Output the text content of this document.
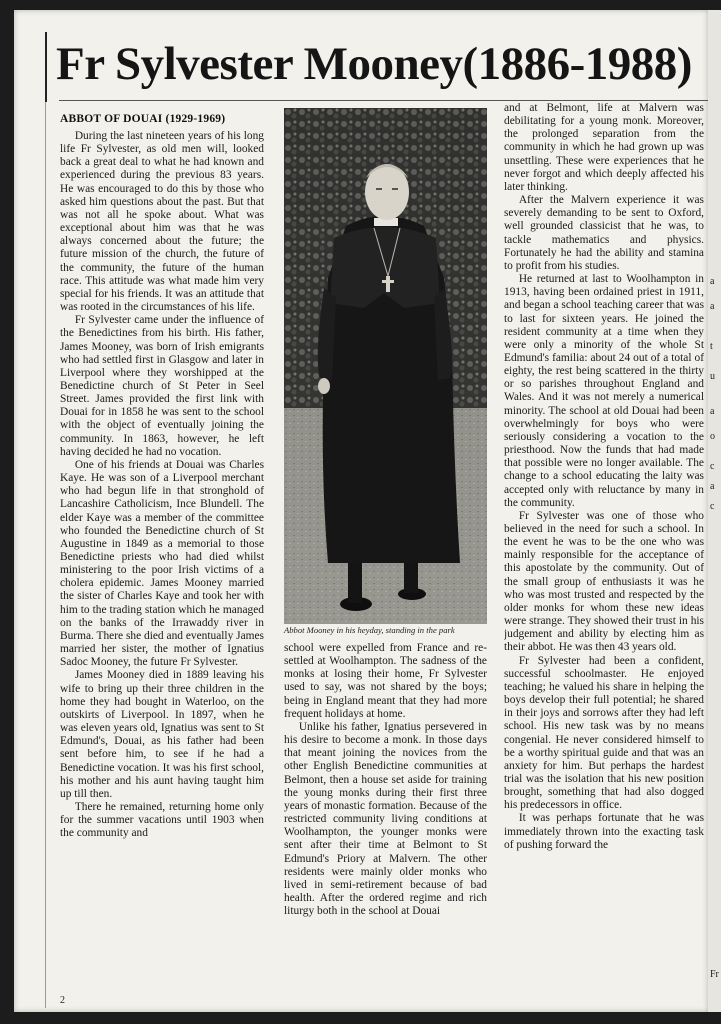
Fr Sylvester Mooney(1886-1988)
ABBOT OF DOUAI (1929-1969)

During the last nineteen years of his long life Fr Sylvester, as old men will, looked back a great deal to what he had known and experienced during the previous 83 years. He was encouraged to do this by those who asked him questions about the past. But that was not all he spoke about. What was exceptional about him was that he was always concerned about the future; the future mission of the church, the future of the community, the future of the human race. This attitude was what made him very special for his friends. It was an attitude that was rooted in the circumstances of his life.

Fr Sylvester came under the influence of the Benedictines from his birth. His father, James Mooney, was born of Irish emigrants who had settled first in Glasgow and later in Liverpool where they worshipped at the Benedictine church of St Peter in Seel Street. James provided the first link with Douai for in 1858 he was sent to the school with the object of eventually joining the community. In 1863, however, he left having decided he had no vocation.

One of his friends at Douai was Charles Kaye. He was son of a Liverpool merchant who had begun life in that stronghold of Lancashire Catholicism, Ince Blundell. The elder Kaye was a member of the committee who founded the Benedictine church of St Augustine in 1849 as a memorial to those Benedictine priests who had died whilst ministering to the poor Irish victims of a cholera epidemic. James Mooney married the sister of Charles Kaye and took her with him to the trading station which he managed on the banks of the Irrawaddy river in Burma. There she died and eventually James married her sister, the mother of Ignatius Sadoc Mooney, the future Fr Sylvester.

James Mooney died in 1889 leaving his wife to bring up their three children in the home they had bought in Waterloo, on the outskirts of Liverpool. In 1897, when he was eleven years old, Ignatius was sent to St Edmund's, Douai, as his father had been sent before him, to see if he had a Benedictine vocation. It was his first school, his mother and his aunt having taught him up till then.

There he remained, returning home only for the summer vacations until 1903 when the community and

Abbot Mooney in his heyday, standing in the park

school were expelled from France and re-settled at Woolhampton. The sadness of the monks at losing their home, Fr Sylvester used to say, was not shared by the boys; being in England meant that they had more frequent holidays at home.

Unlike his father, Ignatius persevered in his desire to become a monk. In those days that meant joining the novices from the other English Benedictine communities at Belmont, then a house set aside for training the young monks during their first three years of monastic formation. Because of the restricted community living conditions at Woolhampton, the younger monks were sent after their time at Belmont to St Edmund's Priory at Malvern. The other residents were mainly older monks who lived in semi-retirement because of bad health. After the ordered regime and rich liturgy both in the school at Douai

and at Belmont, life at Malvern was debilitating for a young monk. Moreover, the prolonged separation from the community in which he had grown up was unsettling. These were experiences that he never forgot and which deeply affected his later thinking.

After the Malvern experience it was severely demanding to be sent to Oxford, well grounded classicist that he was, to tackle mathematics and physics. Fortunately he had the ability and stamina to profit from his studies.

He returned at last to Woolhampton in 1913, having been ordained priest in 1911, and began a school teaching career that was to last for sixteen years. He joined the resident community at a time when they were only a minority of the whole St Edmund's familia: about 24 out of a total of eighty, the rest being scattered in the thirty or so parishes throughout England and Wales. And it was not merely a numerical minority. The school at old Douai had been overwhelmingly for boys who were seriously considering a vocation to the priesthood. Now the funds that had made that possible were no longer available. The change to a school educating the laity was accepted only with reluctance by many in the community.

Fr Sylvester was one of those who believed in the need for such a school. In the event he was to be the one who was mainly responsible for the acceptance of this apostolate by the community. Out of the small group of enthusiasts it was he who was most trusted and respected by the older monks for whom these new ideas were strange. They showed their trust in his judgement and ability by electing him as their abbot. He was then 43 years old.

Fr Sylvester had been a confident, successful schoolmaster. He enjoyed teaching; he valued his share in helping the boys develop their full potential; he shared in their joys and sorrows after they had left school. His new task was by no means congenial. He never considered himself to be a worthy spiritual guide and that was an anxiety for him. But perhaps the hardest trial was the isolation that his new position brought, something that had also dogged his predecessors in office.

It was perhaps fortunate that he was immediately thrown into the exacting task of pushing forward the

2
a
a
t
u
a
o
c
a
c
Fr
